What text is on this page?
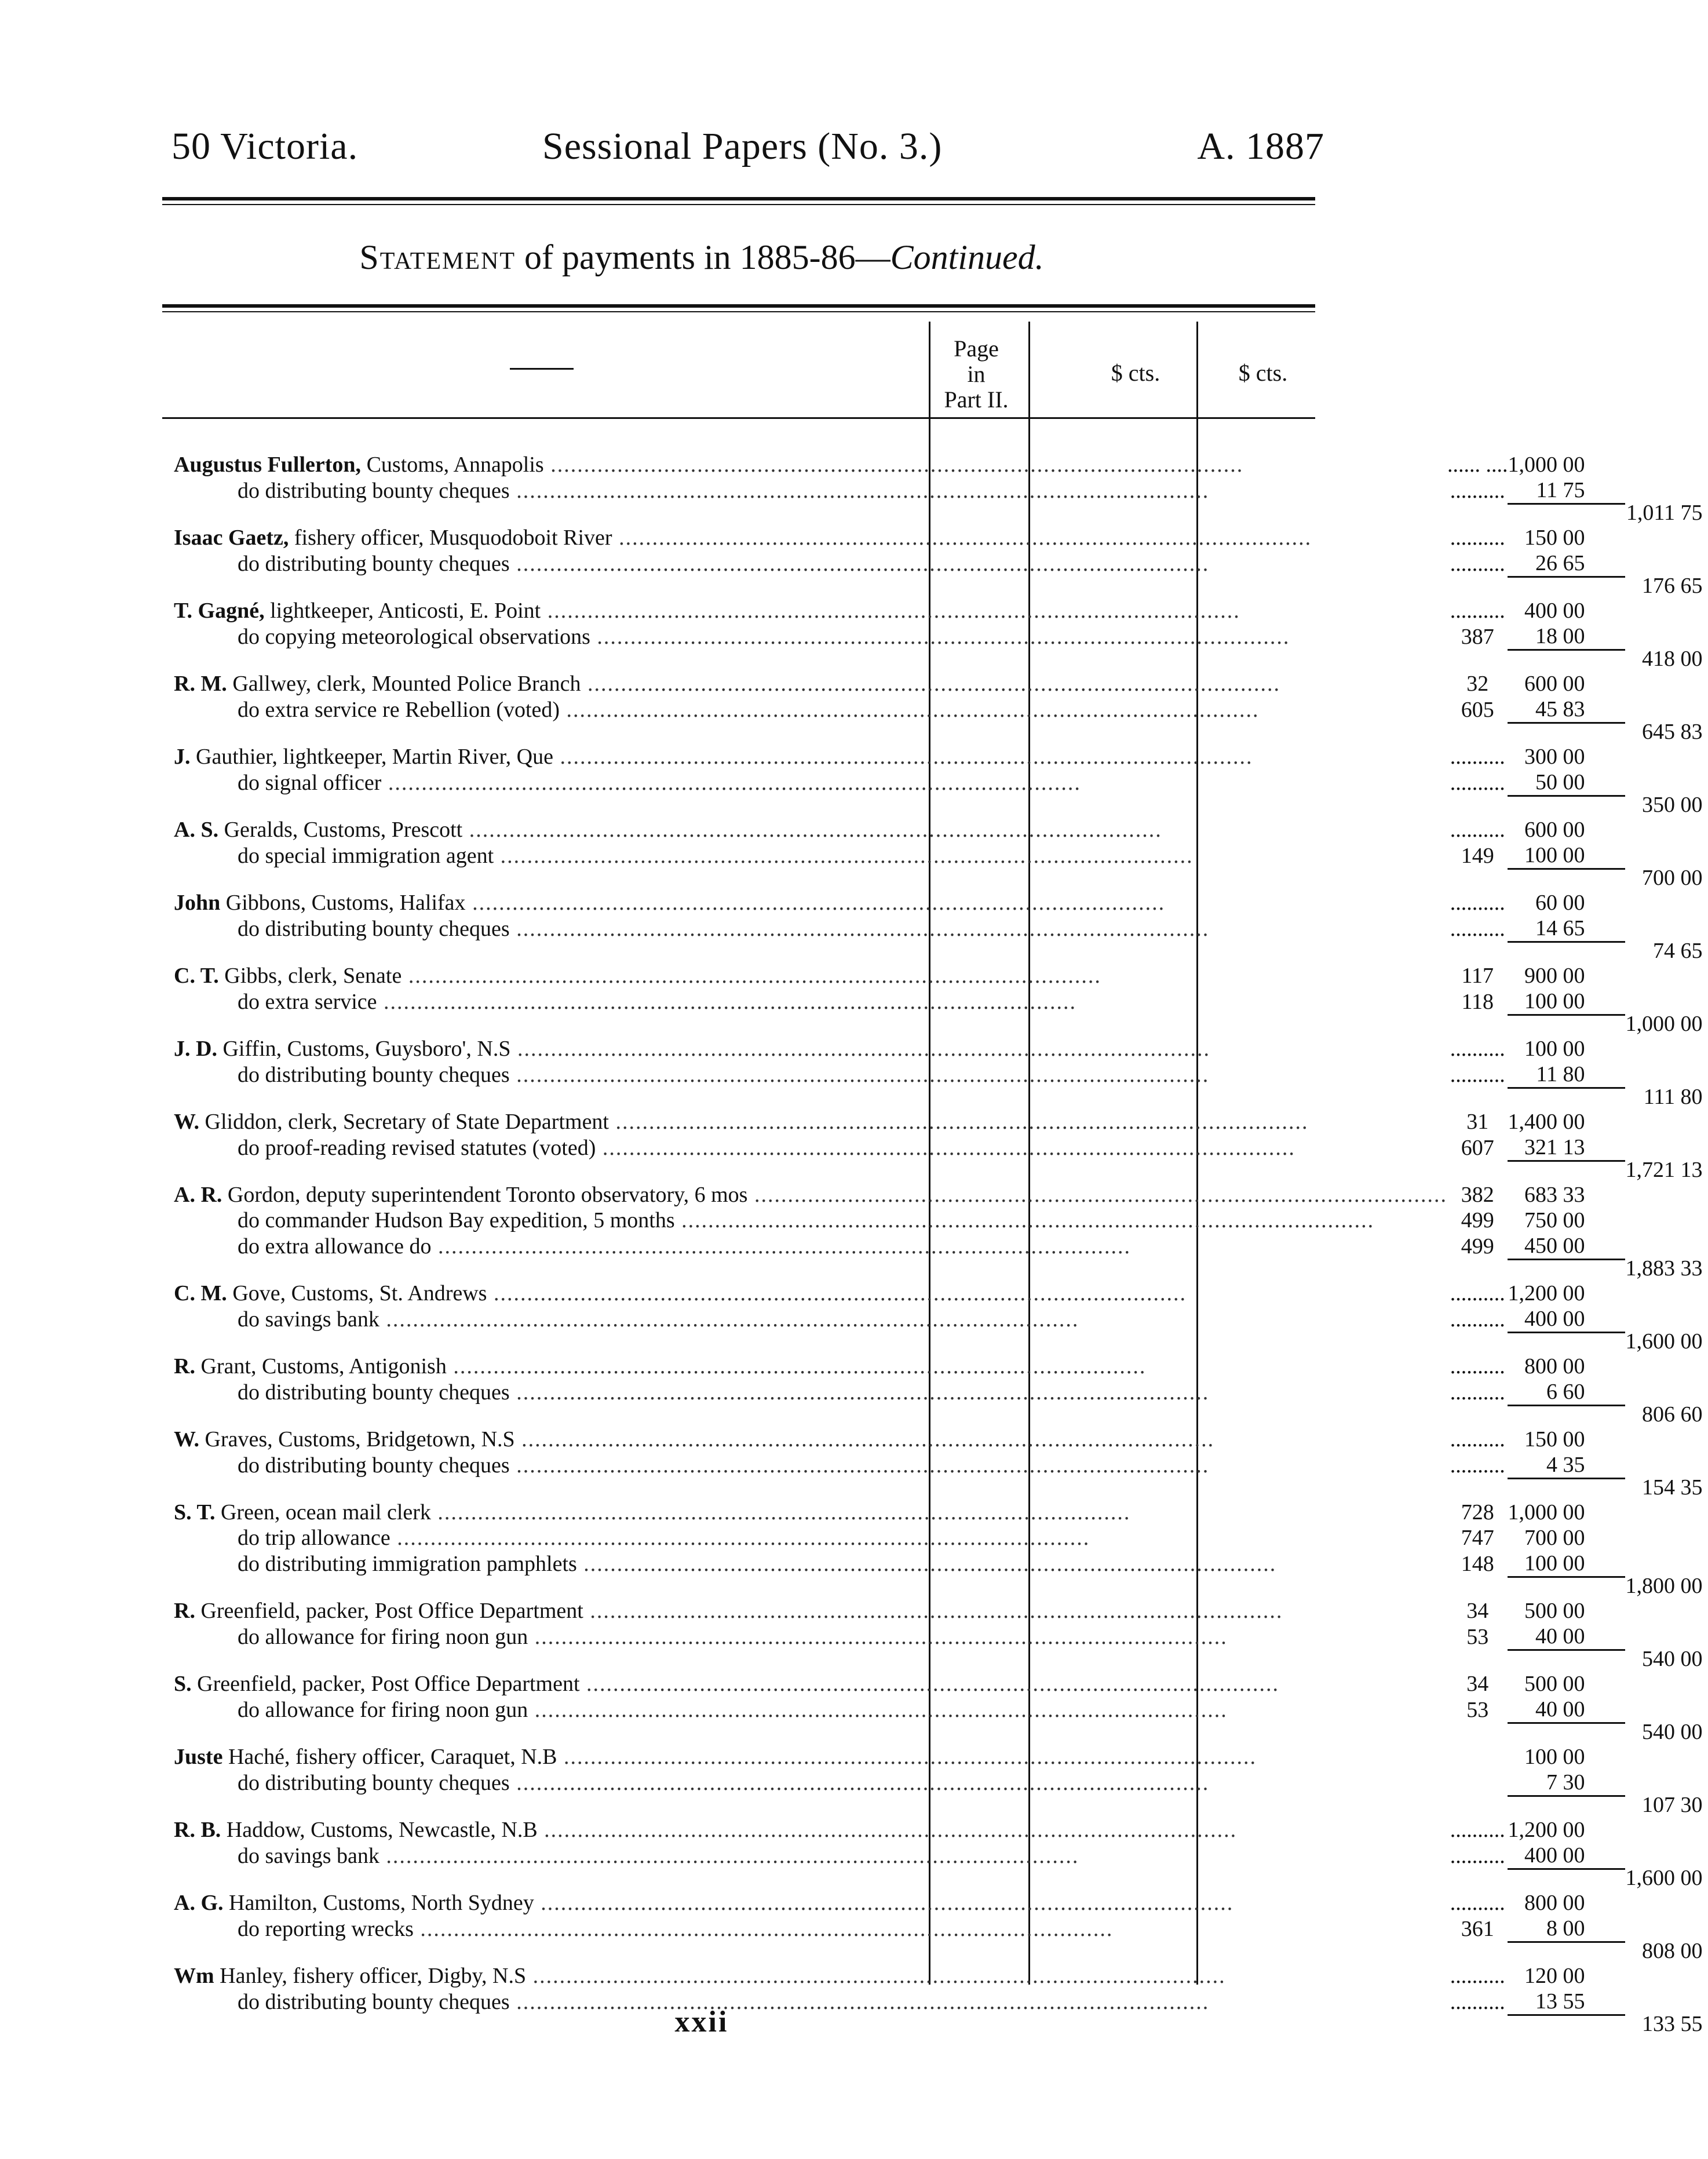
50 Victoria.	Sessional Papers (No. 3.)	A. 1887
Statement of payments in 1885-86—Continued.
Page
in
Part II.
$ cts.	$ cts.
Augustus Fullerton, Customs, Annapolis ........................................................................................................	...... ....	1,000 00		
do distributing bounty cheques ........................................................................................................	..........	11 75		1,011 75

Isaac Gaetz, fishery officer, Musquodoboit River ........................................................................................................	..........	150 00		
do distributing bounty cheques ........................................................................................................	..........	26 65		176 65

T. Gagné, lightkeeper, Anticosti, E. Point ........................................................................................................	..........	400 00		
do copying meteorological observations ........................................................................................................	387	18 00		418 00

R. M. Gallwey, clerk, Mounted Police Branch ........................................................................................................	32	600 00		
do extra service re Rebellion (voted) ........................................................................................................	605	45 83		645 83

J. Gauthier, lightkeeper, Martin River, Que ........................................................................................................	..........	300 00		
do signal officer ........................................................................................................	..........	50 00		350 00

A. S. Geralds, Customs, Prescott ........................................................................................................	..........	600 00		
do special immigration agent ........................................................................................................	149	100 00		700 00

John Gibbons, Customs, Halifax ........................................................................................................	..........	60 00		
do distributing bounty cheques ........................................................................................................	..........	14 65		74 65

C. T. Gibbs, clerk, Senate ........................................................................................................	117	900 00		
do extra service ........................................................................................................	118	100 00		1,000 00

J. D. Giffin, Customs, Guysboro', N.S ........................................................................................................	..........	100 00		
do distributing bounty cheques ........................................................................................................	..........	11 80		111 80

W. Gliddon, clerk, Secretary of State Department ........................................................................................................	31	1,400 00		
do proof-reading revised statutes (voted) ........................................................................................................	607	321 13		1,721 13

A. R. Gordon, deputy superintendent Toronto observatory, 6 mos ........................................................................................................	382	683 33		
do commander Hudson Bay expedition, 5 months ........................................................................................................	499	750 00		
do extra allowance do ........................................................................................................	499	450 00		1,883 33

C. M. Gove, Customs, St. Andrews ........................................................................................................	..........	1,200 00		
do savings bank ........................................................................................................	..........	400 00		1,600 00

R. Grant, Customs, Antigonish ........................................................................................................	..........	800 00		
do distributing bounty cheques ........................................................................................................	..........	6 60		806 60

W. Graves, Customs, Bridgetown, N.S ........................................................................................................	..........	150 00		
do distributing bounty cheques ........................................................................................................	..........	4 35		154 35

S. T. Green, ocean mail clerk ........................................................................................................	728	1,000 00		
do trip allowance ........................................................................................................	747	700 00		
do distributing immigration pamphlets ........................................................................................................	148	100 00		1,800 00

R. Greenfield, packer, Post Office Department ........................................................................................................	34	500 00		
do allowance for firing noon gun ........................................................................................................	53	40 00		540 00

S. Greenfield, packer, Post Office Department ........................................................................................................	34	500 00		
do allowance for firing noon gun ........................................................................................................	53	40 00		540 00

Juste Haché, fishery officer, Caraquet, N.B ........................................................................................................		100 00		
do distributing bounty cheques ........................................................................................................		7 30		107 30

R. B. Haddow, Customs, Newcastle, N.B ........................................................................................................	..........	1,200 00		
do savings bank ........................................................................................................	..........	400 00		1,600 00

A. G. Hamilton, Customs, North Sydney ........................................................................................................	..........	800 00		
do reporting wrecks ........................................................................................................	361	8 00		808 00

Wm Hanley, fishery officer, Digby, N.S ........................................................................................................	..........	120 00		
do distributing bounty cheques ........................................................................................................	..........	13 55		133 55

xxii
